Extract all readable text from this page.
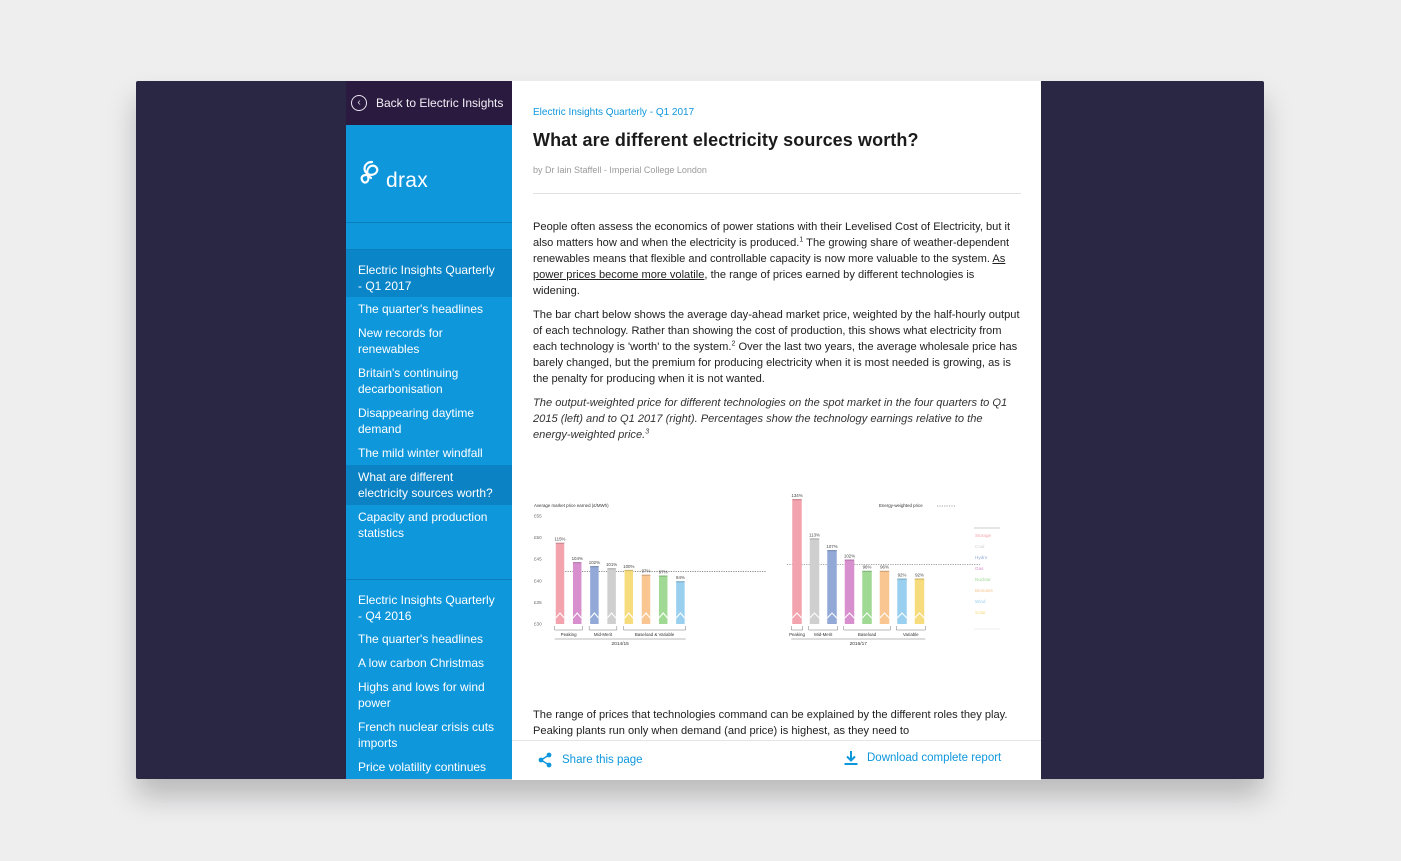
‹	Back to Electric Insights
drax
Electric Insights Quarterly - Q1 2017
The quarter's headlines
New records for renewables
Britain's continuing decarbonisation
Disappearing daytime demand
The mild winter windfall
What are different electricity sources worth?
Capacity and production statistics
Electric Insights Quarterly - Q4 2016
The quarter's headlines
A low carbon Christmas
Highs and lows for wind power
French nuclear crisis cuts imports
Price volatility continues
Electric Insights Quarterly - Q1 2017
What are different electricity sources worth?
by Dr Iain Staffell - Imperial College London

People often assess the economics of power stations with their Levelised Cost of Electricity, but it also matters how and when the electricity is produced.$^1$ The growing share of weather-dependent renewables means that flexible and controllable capacity is now more valuable to the system. As power prices become more volatile, the range of prices earned by different technologies is widening.

The bar chart below shows the average day-ahead market price, weighted by the half-hourly output of each technology. Rather than showing the cost of production, this shows what electricity from each technology is 'worth' to the system.$^2$ Over the last two years, the average wholesale price has barely changed, but the premium for producing electricity when it is most needed is growing, as is the penalty for producing when it is not wanted.

The output-weighted price for different technologies on the spot market in the four quarters to Q1 2015 (left) and to Q1 2017 (right). Percentages show the technology earnings relative to the energy-weighted price.$^3$

Average market price earned (£/MWh)
£55
£50
£45
£40
£35
£30
115%
104%
102% 101% 100%
97% 97%
94%
Peaking	Mid-Merit	Baseload & Variable
2014/15
134%
113%
107%
102%
96% 96%
92% 92%
Peaking Mid-Merit	Baseload	Variable
2016/17
Energy-weighted price
Storage
Coal
Hydro
Gas
Nuclear
Biomass
Wind
Solar
The range of prices that technologies command can be explained by the different roles they play. Peaking plants run only when demand (and price) is highest, as they need to
Share this page	Download complete report
